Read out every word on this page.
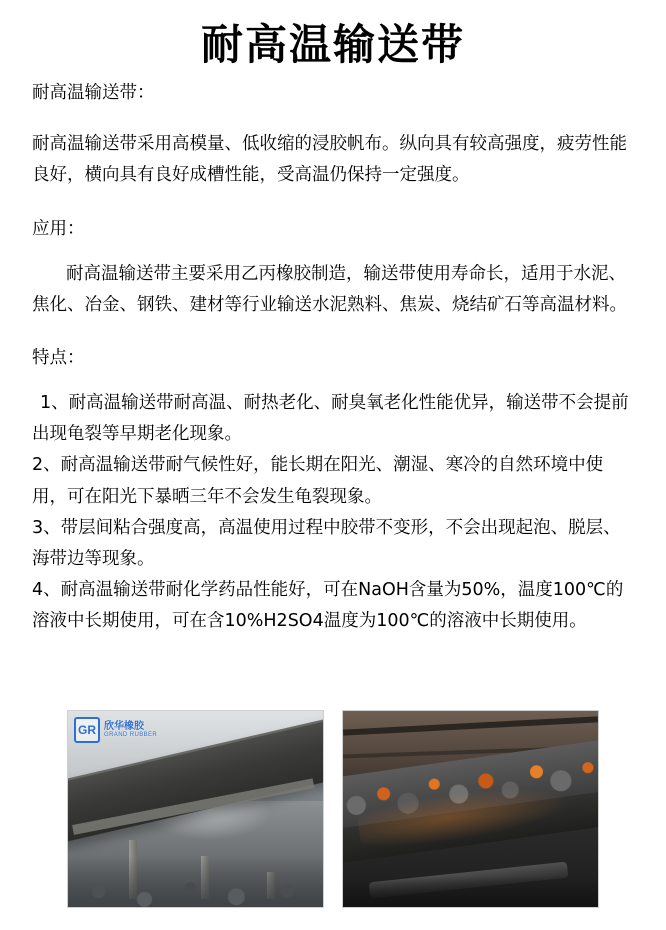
耐高温输送带

耐高温输送带：

耐高温输送带采用高模量、低收缩的浸胶帆布。纵向具有较高强度，疲劳性能良好，横向具有良好成槽性能，受高温仍保持一定强度。

应用：

耐高温输送带主要采用乙丙橡胶制造，输送带使用寿命长，适用于水泥、焦化、冶金、钢铁、建材等行业输送水泥熟料、焦炭、烧结矿石等高温材料。

特点：

1、耐高温输送带耐高温、耐热老化、耐臭氧老化性能优异，输送带不会提前出现龟裂等早期老化现象。

2、耐高温输送带耐气候性好，能长期在阳光、潮湿、寒冷的自然环境中使用，可在阳光下暴晒三年不会发生龟裂现象。

3、带层间粘合强度高，高温使用过程中胶带不变形，不会出现起泡、脱层、海带边等现象。

4、耐高温输送带耐化学药品性能好，可在NaOH含量为50%，温度100℃的溶液中长期使用，可在含10%H2SO4温度为100℃的溶液中长期使用。

GR 欣华橡胶
GRAND RUBBER
